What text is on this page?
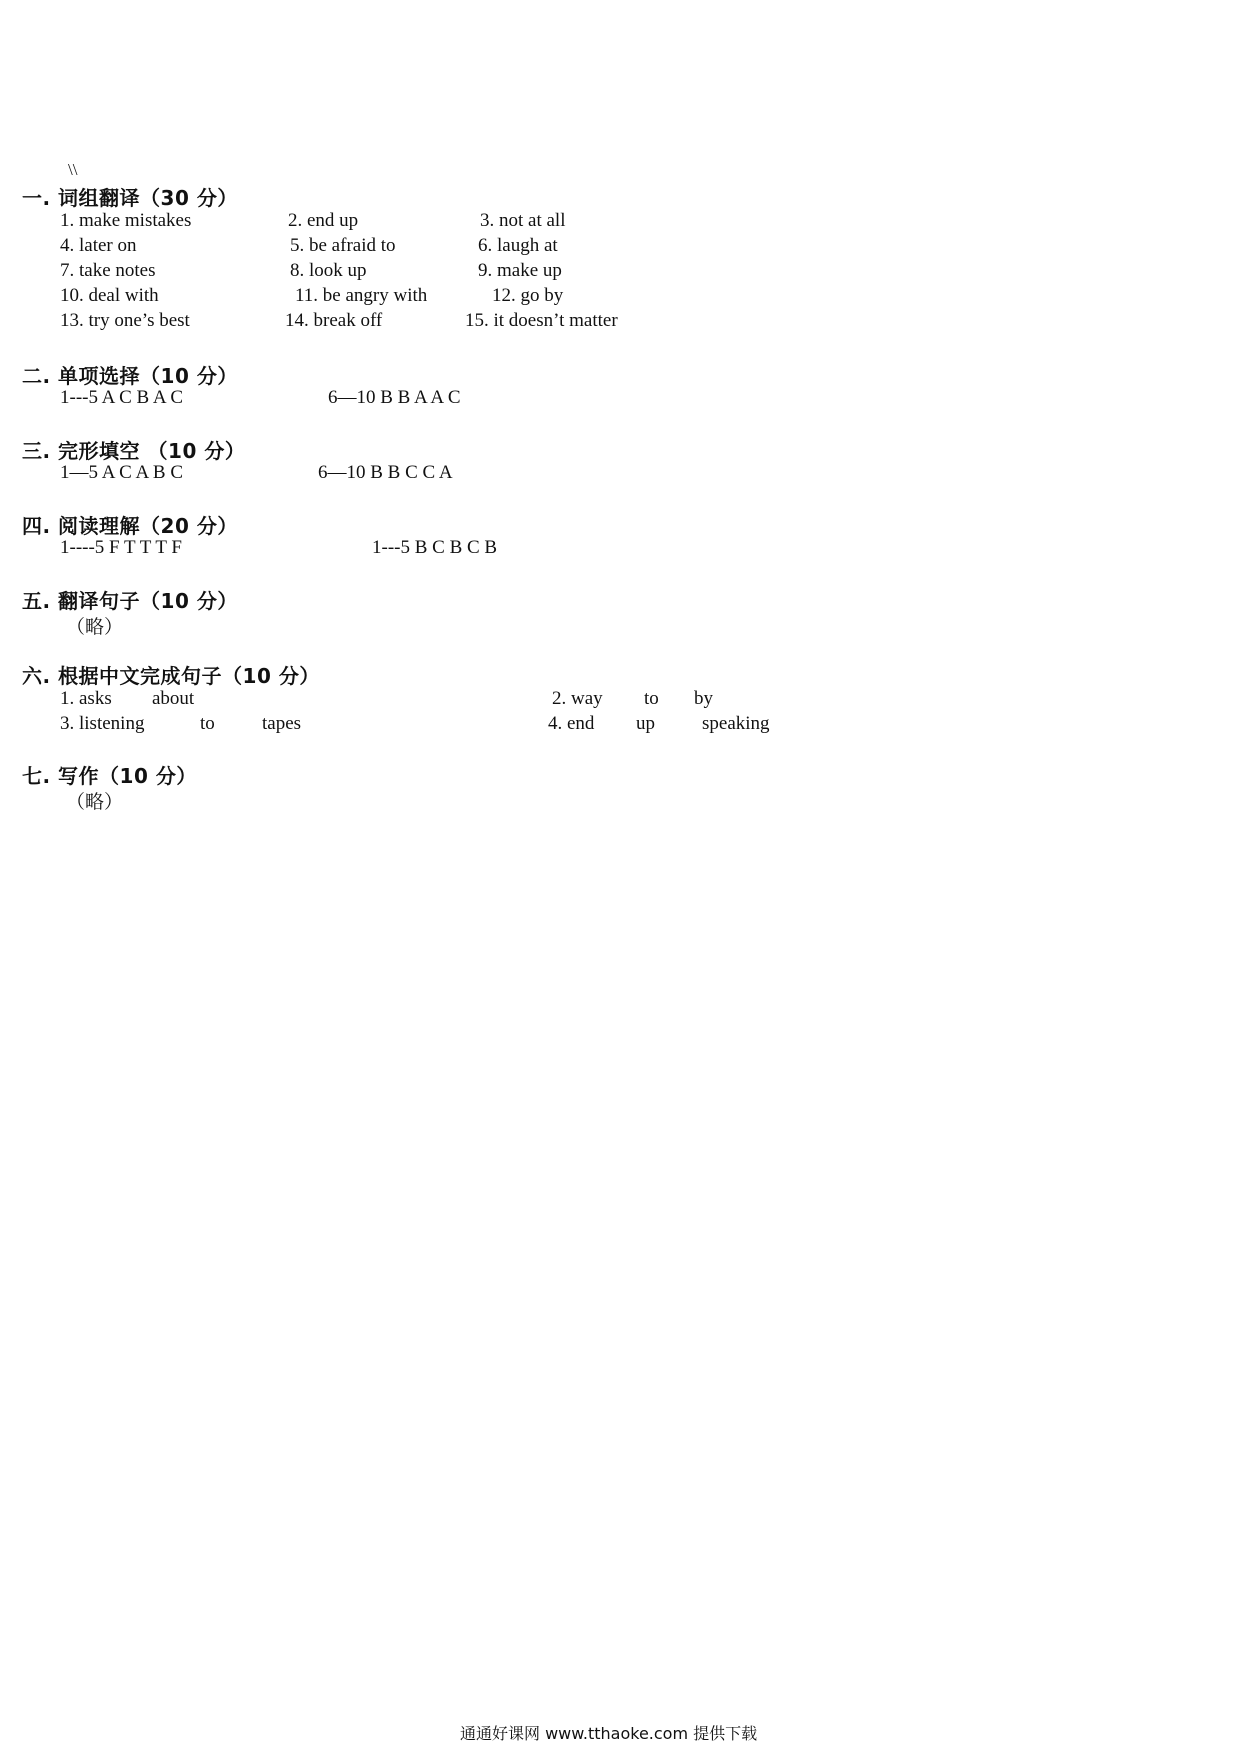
\\
一. 词组翻译（30 分）
1. make mistakes	2. end up	3. not at all
4. later on	5. be afraid to	6. laugh at
7. take notes	8. look up	9. make up
10. deal with	11. be angry with	12. go by
13. try one’s best	14. break off	15. it doesn’t matter
二. 单项选择（10 分）
1---5 A C B A C	6—10 B B A A C
三. 完形填空 （10 分）
1—5 A C A B C	6—10 B B C C A
四. 阅读理解（20 分）
1----5 F T T T F	1---5 B C B C B
五. 翻译句子（10 分）
（略）
六. 根据中文完成句子（10 分）
1. asks about	2. way to by
3. listening	to tapes	4. end up speaking
七. 写作（10 分）
（略）
通通好课网 www.tthaoke.com 提供下载
